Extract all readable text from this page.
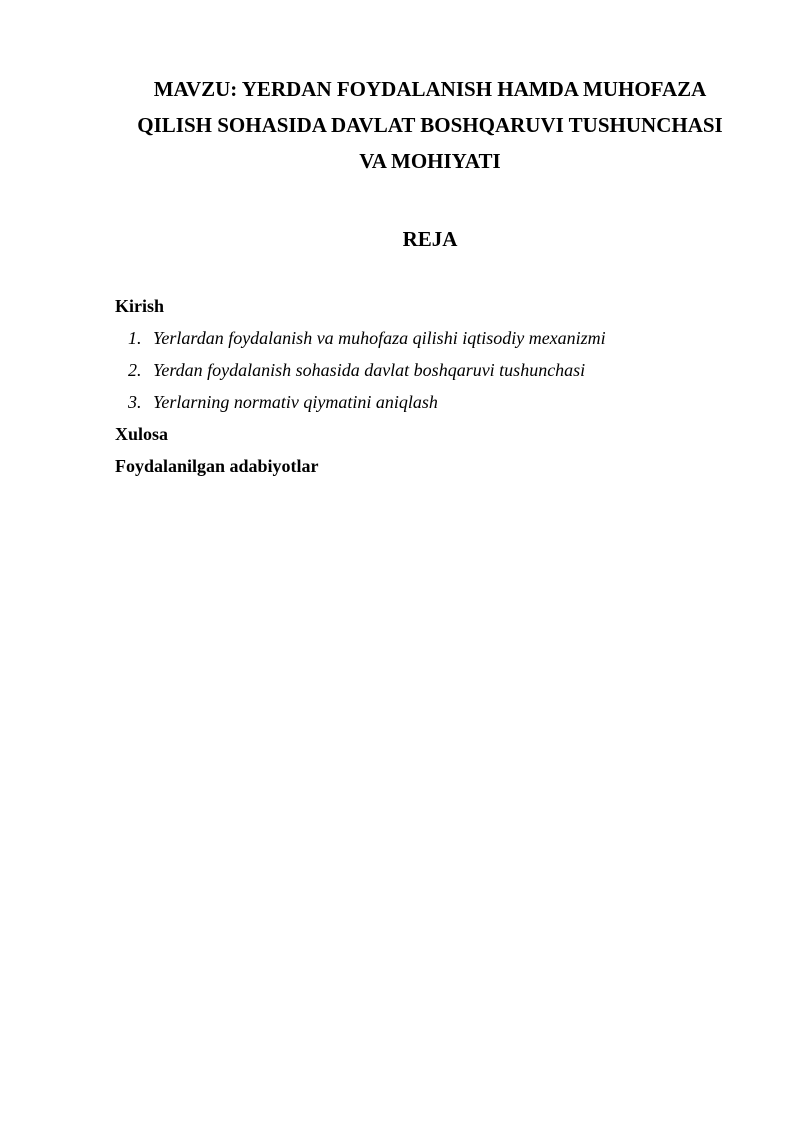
MAVZU: YERDAN FOYDALANISH HAMDA MUHOFAZA
QILISH SOHASIDA DAVLAT BOSHQARUVI TUSHUNCHASI
VA MOHIYATI
REJA
Kirish
1. Yerlardan foydalanish va muhofaza qilishi iqtisodiy mexanizmi
2. Yerdan foydalanish sohasida davlat boshqaruvi tushunchasi
3. Yerlarning normativ qiymatini aniqlash
Xulosa
Foydalanilgan adabiyotlar
